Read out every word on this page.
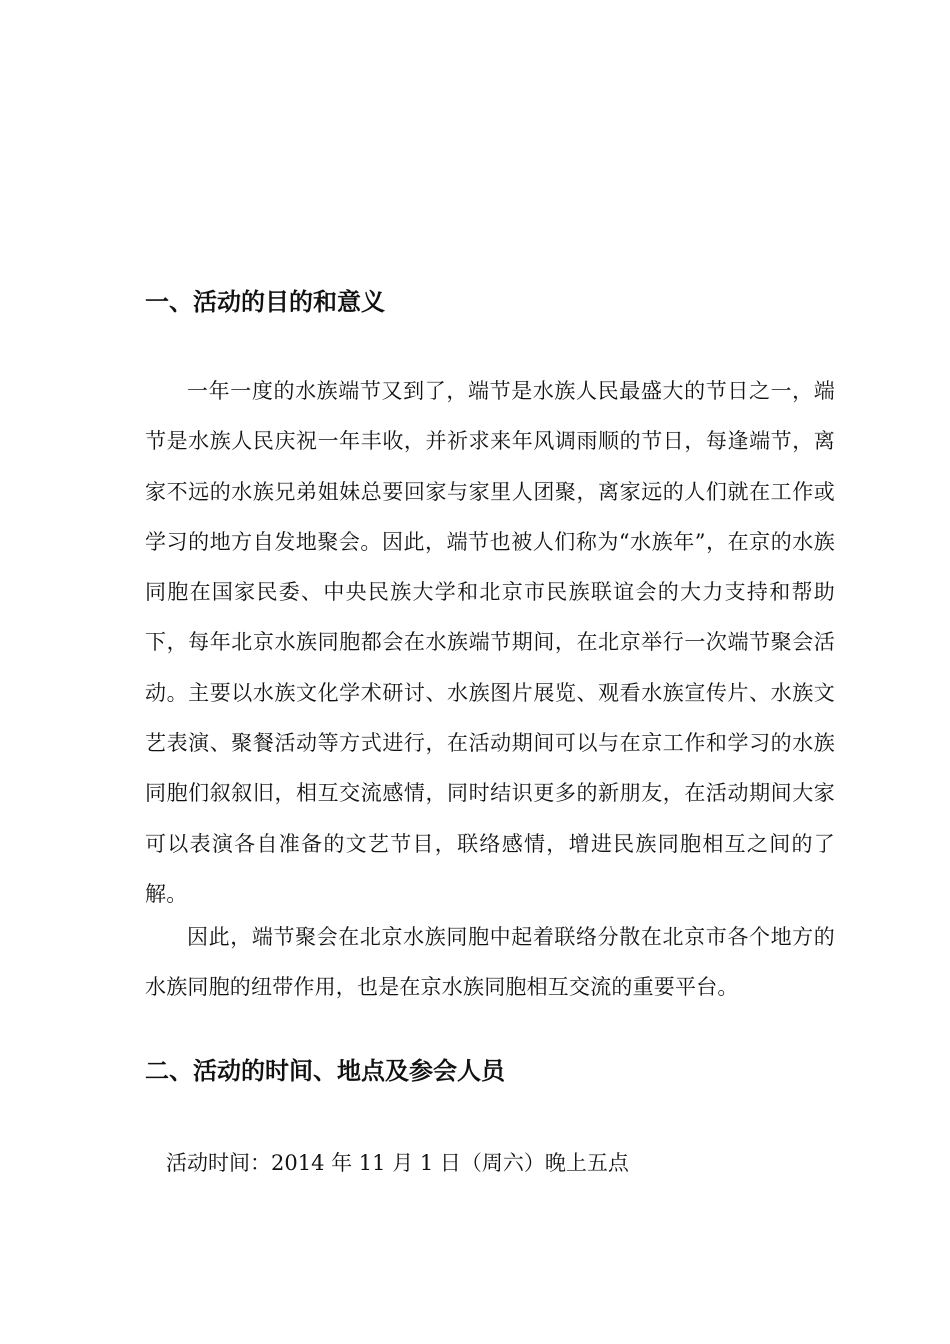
一、活动的目的和意义

一年一度的水族端节又到了，端节是水族人民最盛大的节日之一，端节是水族人民庆祝一年丰收，并祈求来年风调雨顺的节日，每逢端节，离家不远的水族兄弟姐妹总要回家与家里人团聚，离家远的人们就在工作或学习的地方自发地聚会。因此，端节也被人们称为“水族年”，在京的水族同胞在国家民委、中央民族大学和北京市民族联谊会的大力支持和帮助下，每年北京水族同胞都会在水族端节期间，在北京举行一次端节聚会活动。主要以水族文化学术研讨、水族图片展览、观看水族宣传片、水族文艺表演、聚餐活动等方式进行，在活动期间可以与在京工作和学习的水族同胞们叙叙旧，相互交流感情，同时结识更多的新朋友，在活动期间大家可以表演各自准备的文艺节目，联络感情，增进民族同胞相互之间的了解。

因此，端节聚会在北京水族同胞中起着联络分散在北京市各个地方的水族同胞的纽带作用，也是在京水族同胞相互交流的重要平台。

二、活动的时间、地点及参会人员

活动时间：2014 年 11 月 1 日（周六）晚上五点
